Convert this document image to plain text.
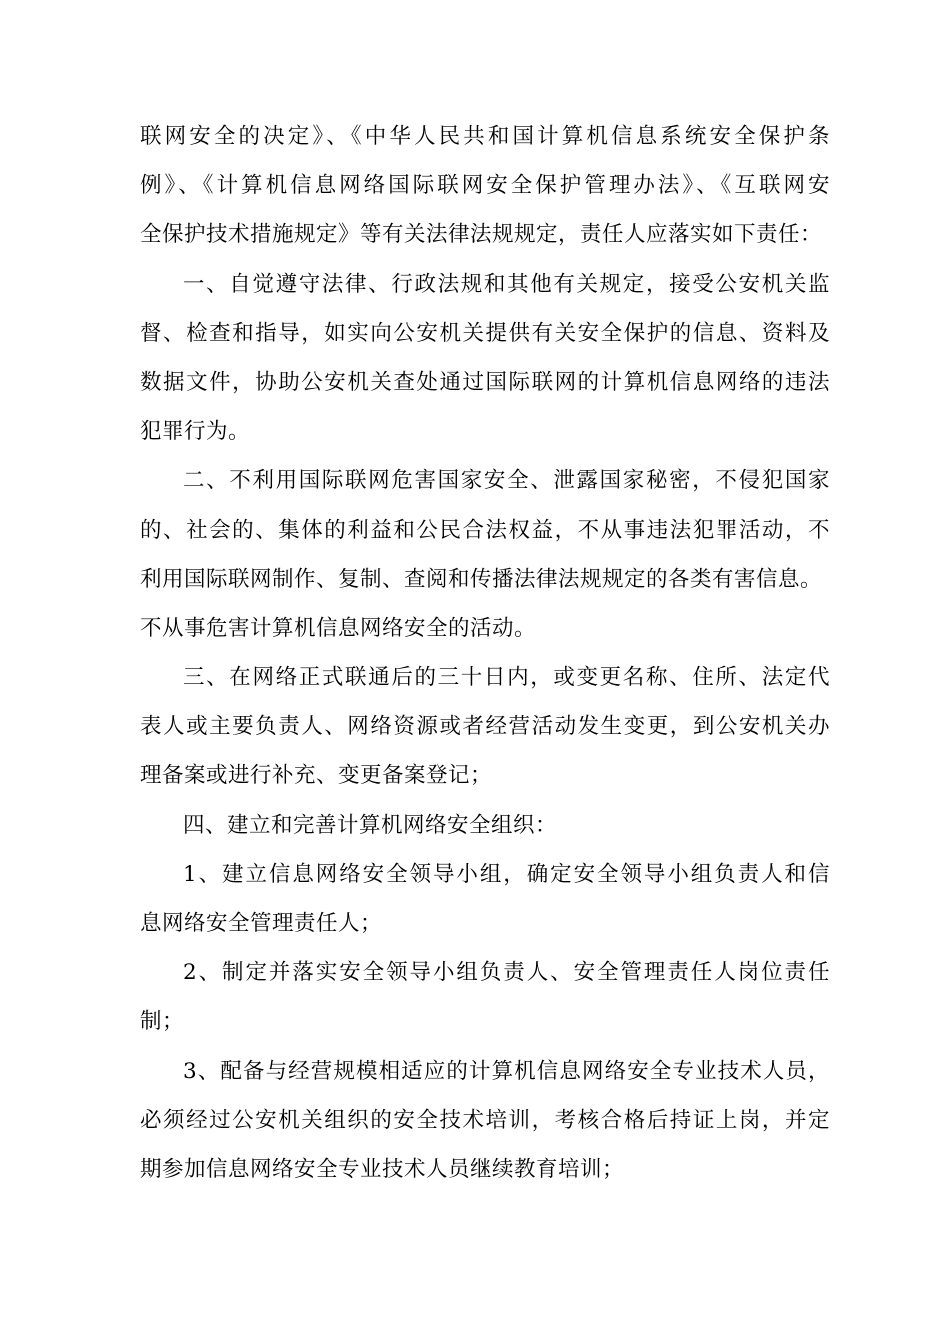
联网安全的决定》、《中华人民共和国计算机信息系统安全保护条
例》、《计算机信息网络国际联网安全保护管理办法》、《互联网安
全保护技术措施规定》等有关法律法规规定，责任人应落实如下责任：

一、自觉遵守法律、行政法规和其他有关规定，接受公安机关监
督、检查和指导，如实向公安机关提供有关安全保护的信息、资料及
数据文件，协助公安机关查处通过国际联网的计算机信息网络的违法
犯罪行为。

二、不利用国际联网危害国家安全、泄露国家秘密，不侵犯国家
的、社会的、集体的利益和公民合法权益，不从事违法犯罪活动，不
利用国际联网制作、复制、查阅和传播法律法规规定的各类有害信息。
不从事危害计算机信息网络安全的活动。

三、在网络正式联通后的三十日内，或变更名称、住所、法定代
表人或主要负责人、网络资源或者经营活动发生变更，到公安机关办
理备案或进行补充、变更备案登记；

四、建立和完善计算机网络安全组织：

1、建立信息网络安全领导小组，确定安全领导小组负责人和信
息网络安全管理责任人；

2、制定并落实安全领导小组负责人、安全管理责任人岗位责任
制；

3、配备与经营规模相适应的计算机信息网络安全专业技术人员，
必须经过公安机关组织的安全技术培训，考核合格后持证上岗，并定
期参加信息网络安全专业技术人员继续教育培训；
